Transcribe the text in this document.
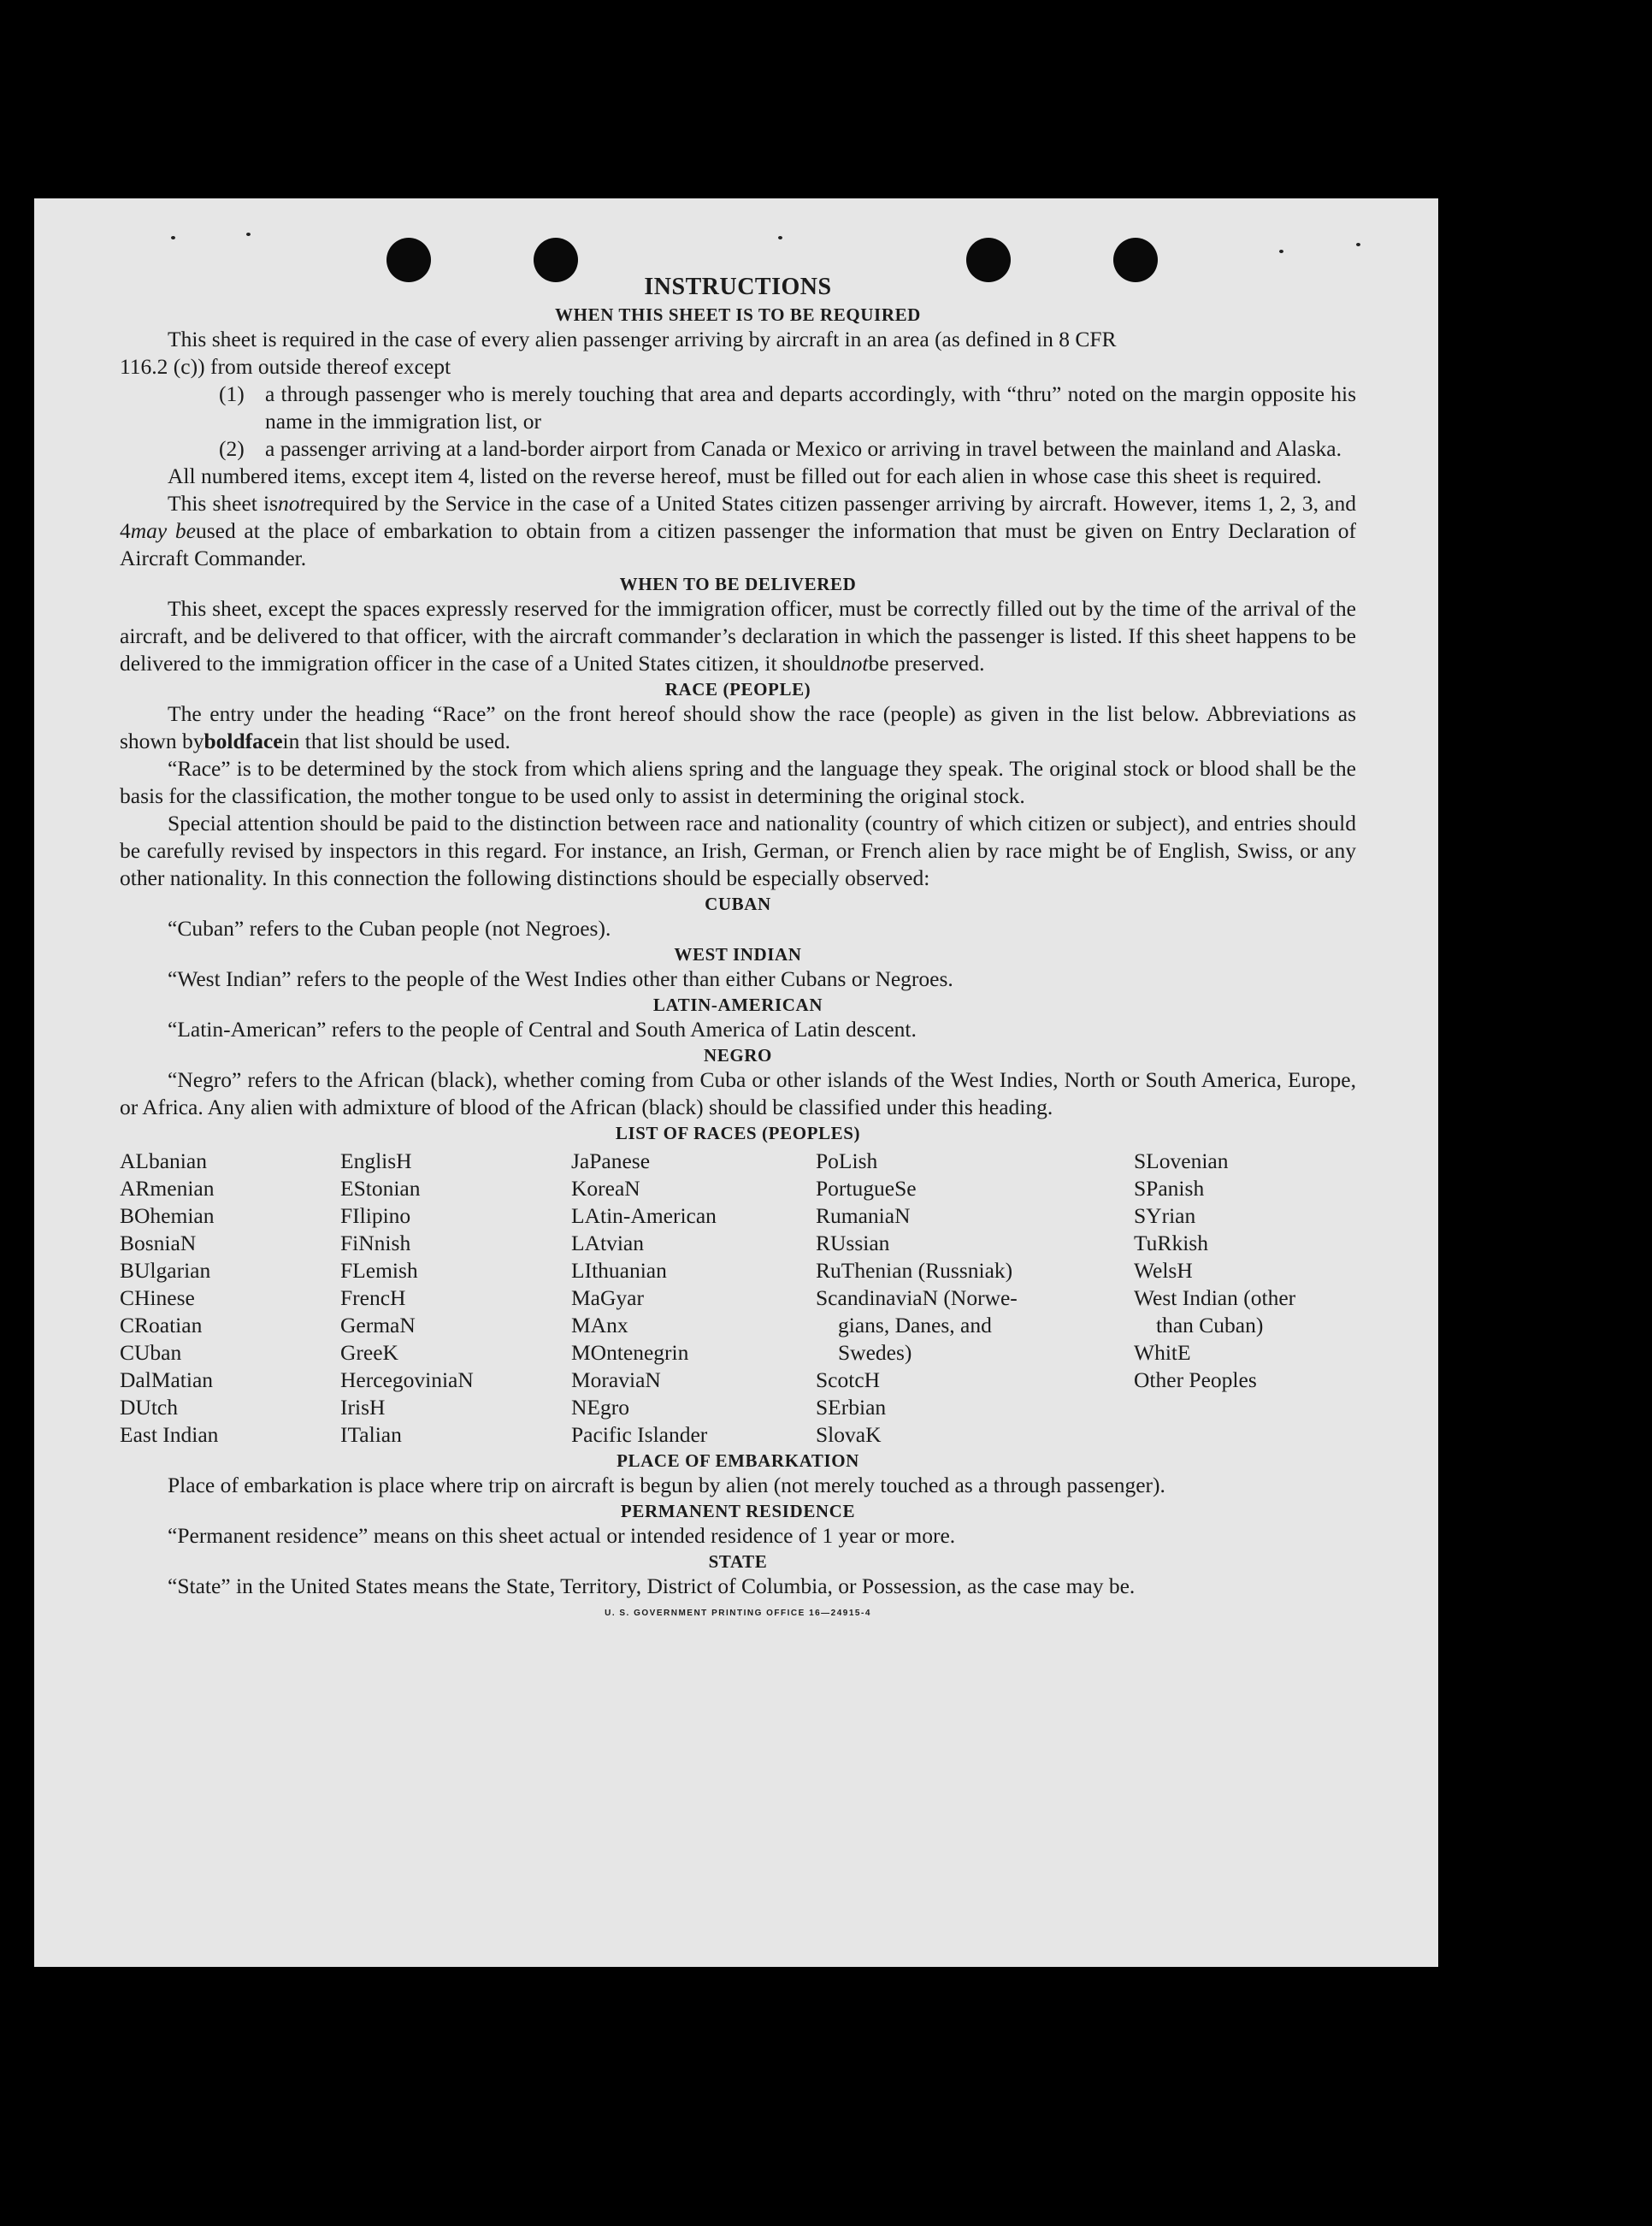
INSTRUCTIONS
WHEN THIS SHEET IS TO BE REQUIRED

This sheet is required in the case of every alien passenger arriving by aircraft in an area (as defined in 8 CFR

116.2 (c)) from outside thereof except

(1) a through passenger who is merely touching that area and departs accordingly, with “thru” noted on the margin opposite his name in the immigration list, or
(2) a passenger arriving at a land-border airport from Canada or Mexico or arriving in travel between the mainland and Alaska.

All numbered items, except item 4, listed on the reverse hereof, must be filled out for each alien in whose case this sheet is required.

This sheet isnotrequired by the Service in the case of a United States citizen passenger arriving by aircraft. However, items 1, 2, 3, and 4may beused at the place of embarkation to obtain from a citizen passenger the information that must be given on Entry Declaration of Aircraft Commander.

WHEN TO BE DELIVERED

This sheet, except the spaces expressly reserved for the immigration officer, must be correctly filled out by the time of the arrival of the aircraft, and be delivered to that officer, with the aircraft commander’s declaration in which the passenger is listed. If this sheet happens to be delivered to the immigration officer in the case of a United States citizen, it shouldnotbe preserved.

RACE (PEOPLE)

The entry under the heading “Race” on the front hereof should show the race (people) as given in the list below. Abbreviations as shown byboldfacein that list should be used.

“Race” is to be determined by the stock from which aliens spring and the language they speak. The original stock or blood shall be the basis for the classification, the mother tongue to be used only to assist in determining the original stock.

Special attention should be paid to the distinction between race and nationality (country of which citizen or subject), and entries should be carefully revised by inspectors in this regard. For instance, an Irish, German, or French alien by race might be of English, Swiss, or any other nationality. In this connection the following distinctions should be especially observed:

CUBAN

“Cuban” refers to the Cuban people (not Negroes).

WEST INDIAN

“West Indian” refers to the people of the West Indies other than either Cubans or Negroes.

LATIN-AMERICAN

“Latin-American” refers to the people of Central and South America of Latin descent.

NEGRO

“Negro” refers to the African (black), whether coming from Cuba or other islands of the West Indies, North or South America, Europe, or Africa. Any alien with admixture of blood of the African (black) should be classified under this heading.

LIST OF RACES (PEOPLES)
ALbanian
ARmenian
BOhemian
BosniaN
BUlgarian
CHinese
CRoatian
CUban
DalMatian
DUtch
East Indian
EnglisH
EStonian
FIlipino
FiNnish
FLemish
FrencH
GermaN
GreeK
HercegoviniaN
IrisH
ITalian
JaPanese
KoreaN
LAtin-American
LAtvian
LIthuanian
MaGyar
MAnx
MOntenegrin
MoraviaN
NEgro
Pacific Islander
PoLish
PortugueSe
RumaniaN
RUssian
RuThenian (Russniak)
ScandinaviaN (Norwe-
gians, Danes, and
Swedes)
ScotcH
SErbian
SlovaK
SLovenian
SPanish
SYrian
TuRkish
WelsH
West Indian (other
than Cuban)
WhitE
Other Peoples
PLACE OF EMBARKATION

Place of embarkation is place where trip on aircraft is begun by alien (not merely touched as a through passenger).

PERMANENT RESIDENCE

“Permanent residence” means on this sheet actual or intended residence of 1 year or more.

STATE

“State” in the United States means the State, Territory, District of Columbia, or Possession, as the case may be.

U. S. GOVERNMENT PRINTING OFFICE 16—24915-4
